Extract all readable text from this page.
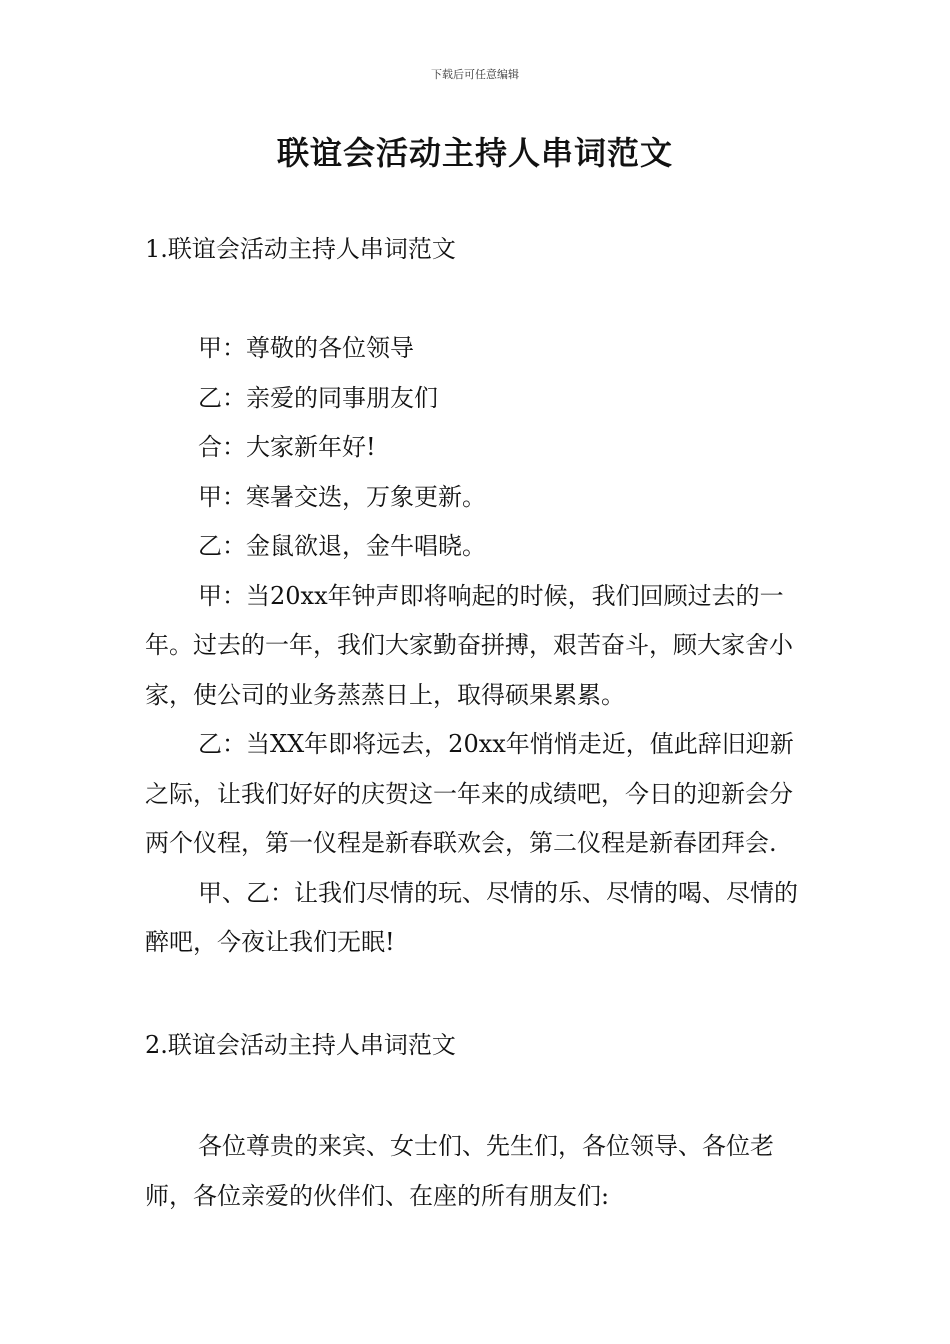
下载后可任意编辑
联谊会活动主持人串词范文

1.联谊会活动主持人串词范文

甲：尊敬的各位领导

乙：亲爱的同事朋友们

合：大家新年好!

甲：寒暑交迭，万象更新。

乙：金鼠欲退，金牛唱晓。

甲：当20xx年钟声即将响起的时候，我们回顾过去的一年。过去的一年，我们大家勤奋拼搏，艰苦奋斗，顾大家舍小家，使公司的业务蒸蒸日上，取得硕果累累。

乙：当XX年即将远去，20xx年悄悄走近，值此辞旧迎新之际，让我们好好的庆贺这一年来的成绩吧，今日的迎新会分两个仪程，第一仪程是新春联欢会，第二仪程是新春团拜会.

甲、乙：让我们尽情的玩、尽情的乐、尽情的喝、尽情的醉吧，今夜让我们无眠!

2.联谊会活动主持人串词范文

各位尊贵的来宾、女士们、先生们，各位领导、各位老师，各位亲爱的伙伴们、在座的所有朋友们:
